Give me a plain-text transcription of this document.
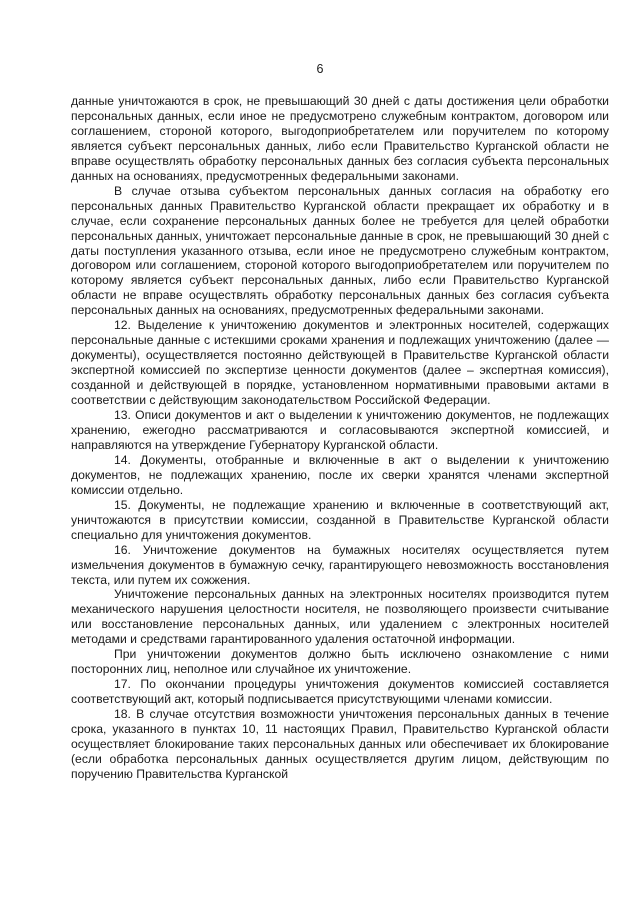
6

данные уничтожаются в срок, не превышающий 30 дней с даты достижения цели обработки персональных данных, если иное не предусмотрено служебным контрактом, договором или соглашением, стороной которого, выгодоприобретателем или поручителем по которому является субъект персональных данных, либо если Правительство Курганской области не вправе осуществлять обработку персональных данных без согласия субъекта персональных данных на основаниях, предусмотренных федеральными законами.

В случае отзыва субъектом персональных данных согласия на обработку его персональных данных Правительство Курганской области прекращает их обработку и в случае, если сохранение персональных данных более не требуется для целей обработки персональных данных, уничтожает персональные данные в срок, не превышающий 30 дней с даты поступления указанного отзыва, если иное не предусмотрено служебным контрактом, договором или соглашением, стороной которого выгодоприобретателем или поручителем по которому является субъект персональных данных, либо если Правительство Курганской области не вправе осуществлять обработку персональных данных без согласия субъекта персональных данных на основаниях, предусмотренных федеральными законами.

12. Выделение к уничтожению документов и электронных носителей, содержащих персональные данные с истекшими сроками хранения и подлежащих уничтожению (далее — документы), осуществляется постоянно действующей в Правительстве Курганской области экспертной комиссией по экспертизе ценности документов (далее – экспертная комиссия), созданной и действующей в порядке, установленном нормативными правовыми актами в соответствии с действующим законодательством Российской Федерации.

13. Описи документов и акт о выделении к уничтожению документов, не подлежащих хранению, ежегодно рассматриваются и согласовываются экспертной комиссией, и направляются на утверждение Губернатору Курганской области.

14. Документы, отобранные и включенные в акт о выделении к уничтожению документов, не подлежащих хранению, после их сверки хранятся членами экспертной комиссии отдельно.

15. Документы, не подлежащие хранению и включенные в соответствующий акт, уничтожаются в присутствии комиссии, созданной в Правительстве Курганской области специально для уничтожения документов.

16. Уничтожение документов на бумажных носителях осуществляется путем измельчения документов в бумажную сечку, гарантирующего невозможность восстановления текста, или путем их сожжения.

Уничтожение персональных данных на электронных носителях производится путем механического нарушения целостности носителя, не позволяющего произвести считывание или восстановление персональных данных, или удалением с электронных носителей методами и средствами гарантированного удаления остаточной информации.

При уничтожении документов должно быть исключено ознакомление с ними посторонних лиц, неполное или случайное их уничтожение.

17. По окончании процедуры уничтожения документов комиссией составляется соответствующий акт, который подписывается присутствующими членами комиссии.

18. В случае отсутствия возможности уничтожения персональных данных в течение срока, указанного в пунктах 10, 11 настоящих Правил, Правительство Курганской области осуществляет блокирование таких персональных данных или обеспечивает их блокирование (если обработка персональных данных осуществляется другим лицом, действующим по поручению Правительства Курганской
